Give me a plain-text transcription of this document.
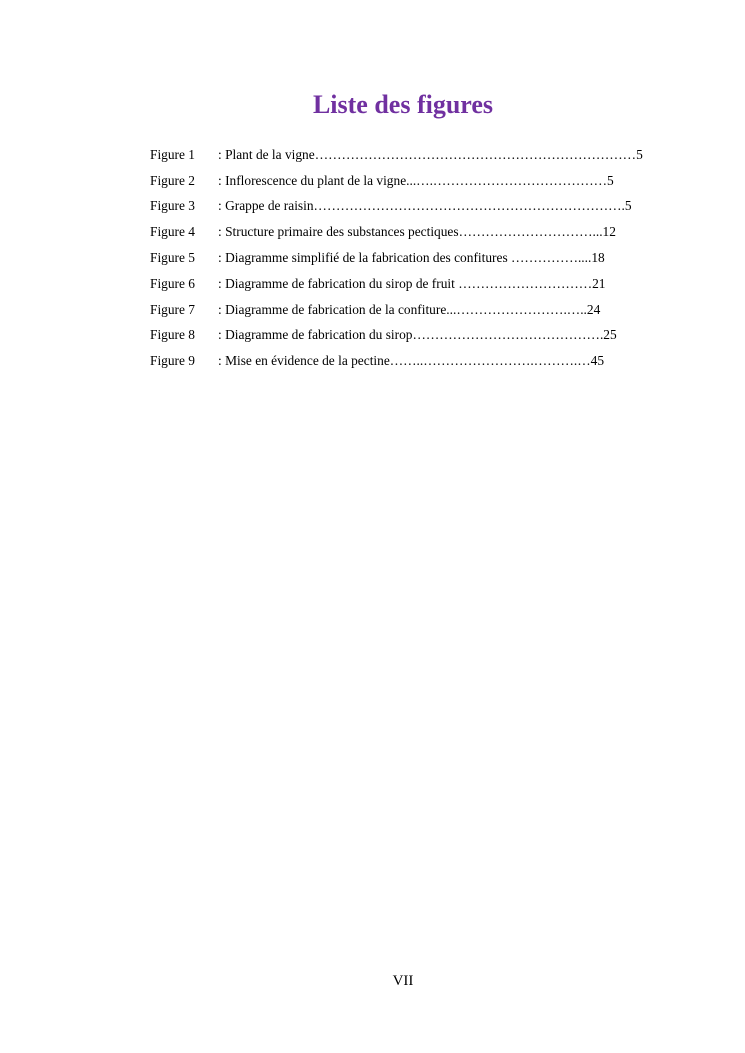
Liste des figures
Figure 1	: Plant de la vigne………………………………………………………………5
Figure 2	: Inflorescence du plant de la vigne...….…………………………………5
Figure 3	: Grappe de raisin…………………………………………………………….5
Figure 4	: Structure primaire des substances pectiques…………………………...12
Figure 5	: Diagramme simplifié de la fabrication des confitures ……………....18
Figure 6	: Diagramme de fabrication du sirop de fruit …………………………21
Figure 7	: Diagramme de fabrication de la confiture...…………………….…..24
Figure 8	: Diagramme de fabrication du sirop…………………………………….25
Figure 9	: Mise en évidence de la pectine……..…………………….……….…45
VII
